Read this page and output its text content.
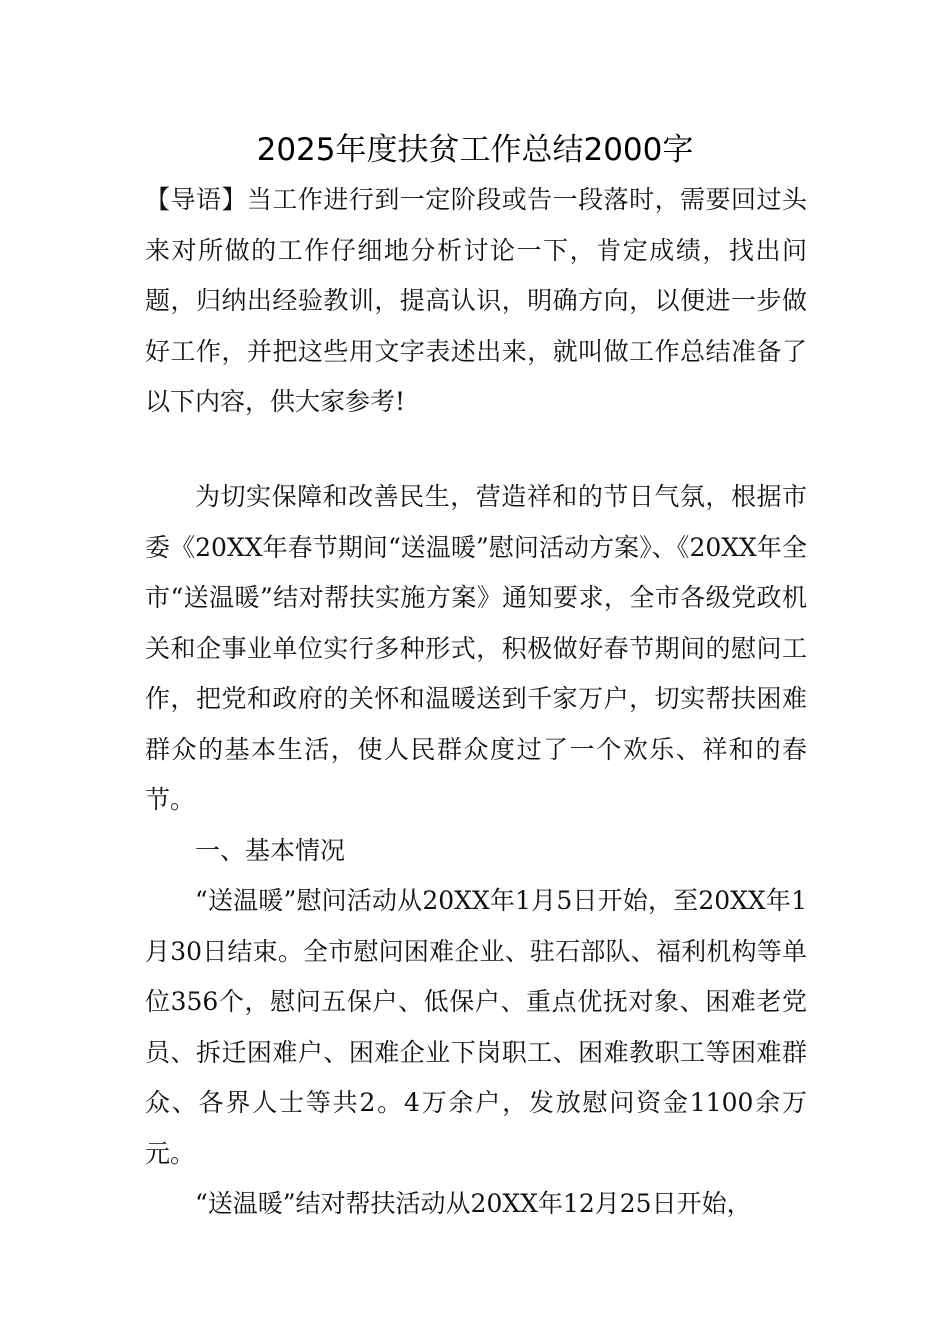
2025年度扶贫工作总结2000字

【导语】当工作进行到一定阶段或告一段落时，需要回过头来对所做的工作仔细地分析讨论一下，肯定成绩，找出问题，归纳出经验教训，提高认识，明确方向，以便进一步做好工作，并把这些用文字表述出来，就叫做工作总结准备了以下内容，供大家参考!

为切实保障和改善民生，营造祥和的节日气氛，根据市委《20XX年春节期间“送温暖”慰问活动方案》、《20XX年全市“送温暖”结对帮扶实施方案》通知要求，全市各级党政机关和企事业单位实行多种形式，积极做好春节期间的慰问工作，把党和政府的关怀和温暖送到千家万户，切实帮扶困难群众的基本生活，使人民群众度过了一个欢乐、祥和的春节。

一、基本情况

“送温暖”慰问活动从20XX年1月5日开始，至20XX年1月30日结束。全市慰问困难企业、驻石部队、福利机构等单位356个，慰问五保户、低保户、重点优抚对象、困难老党员、拆迁困难户、困难企业下岗职工、困难教职工等困难群众、各界人士等共2。4万余户，发放慰问资金1100余万元。

“送温暖”结对帮扶活动从20XX年12月25日开始，
